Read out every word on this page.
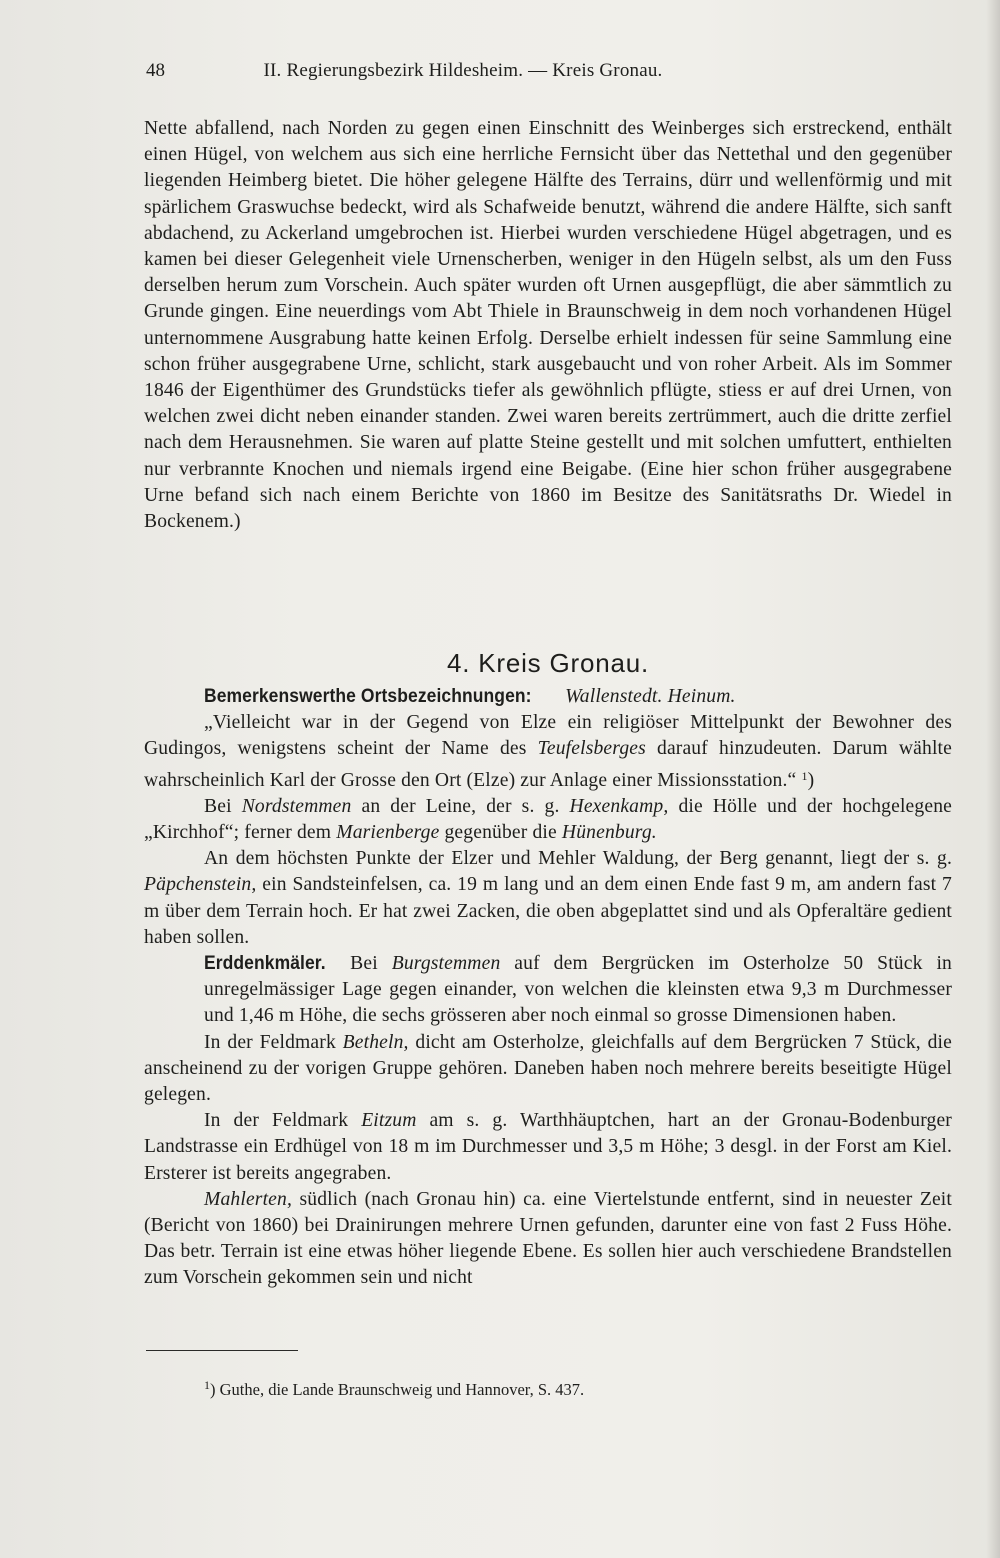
48	II. Regierungsbezirk Hildesheim. — Kreis Gronau.

Nette abfallend, nach Norden zu gegen einen Einschnitt des Weinberges sich erstreckend, enthält einen Hügel, von welchem aus sich eine herrliche Fernsicht über das Nettethal und den gegenüber liegenden Heimberg bietet. Die höher gelegene Hälfte des Terrains, dürr und wellenförmig und mit spärlichem Graswuchse bedeckt, wird als Schafweide benutzt, während die andere Hälfte, sich sanft abdachend, zu Ackerland umgebrochen ist. Hierbei wurden verschiedene Hügel abgetragen, und es kamen bei dieser Gelegenheit viele Urnenscherben, weniger in den Hügeln selbst, als um den Fuss derselben herum zum Vorschein. Auch später wurden oft Urnen ausgepflügt, die aber sämmtlich zu Grunde gingen. Eine neuerdings vom Abt Thiele in Braunschweig in dem noch vorhandenen Hügel unternommene Ausgrabung hatte keinen Erfolg. Derselbe erhielt indessen für seine Sammlung eine schon früher ausgegrabene Urne, schlicht, stark ausgebaucht und von roher Arbeit. Als im Sommer 1846 der Eigenthümer des Grundstücks tiefer als gewöhnlich pflügte, stiess er auf drei Urnen, von welchen zwei dicht neben einander standen. Zwei waren bereits zertrümmert, auch die dritte zerfiel nach dem Herausnehmen. Sie waren auf platte Steine gestellt und mit solchen umfuttert, enthielten nur verbrannte Knochen und niemals irgend eine Beigabe. (Eine hier schon früher ausgegrabene Urne befand sich nach einem Berichte von 1860 im Besitze des Sanitätsraths Dr. Wiedel in Bockenem.)

4. Kreis Gronau.

Bemerkenswerthe Ortsbezeichnungen: Wallenstedt. Heinum.

„Vielleicht war in der Gegend von Elze ein religiöser Mittelpunkt der Bewohner des Gudingos, wenigstens scheint der Name des Teufelsberges darauf hinzudeuten. Darum wählte wahrscheinlich Karl der Grosse den Ort (Elze) zur Anlage einer Missionsstation.“ $^1$)

Bei Nordstemmen an der Leine, der s. g. Hexenkamp, die Hölle und der hochgelegene „Kirchhof“; ferner dem Marienberge gegenüber die Hünenburg.

An dem höchsten Punkte der Elzer und Mehler Waldung, der Berg genannt, liegt der s. g. Päpchenstein, ein Sandsteinfelsen, ca. 19 m lang und an dem einen Ende fast 9 m, am andern fast 7 m über dem Terrain hoch. Er hat zwei Zacken, die oben abgeplattet sind und als Opferaltäre gedient haben sollen.

Erddenkmäler. Bei Burgstemmen auf dem Bergrücken im Osterholze 50 Stück in unregelmässiger Lage gegen einander, von welchen die kleinsten etwa 9,3 m Durchmesser und 1,46 m Höhe, die sechs grösseren aber noch einmal so grosse Dimensionen haben.

In der Feldmark Betheln, dicht am Osterholze, gleichfalls auf dem Bergrücken 7 Stück, die anscheinend zu der vorigen Gruppe gehören. Daneben haben noch mehrere bereits beseitigte Hügel gelegen.

In der Feldmark Eitzum am s. g. Warthhäuptchen, hart an der Gronau-Bodenburger Landstrasse ein Erdhügel von 18 m im Durchmesser und 3,5 m Höhe; 3 desgl. in der Forst am Kiel. Ersterer ist bereits angegraben.

Mahlerten, südlich (nach Gronau hin) ca. eine Viertelstunde entfernt, sind in neuester Zeit (Bericht von 1860) bei Drainirungen mehrere Urnen gefunden, darunter eine von fast 2 Fuss Höhe. Das betr. Terrain ist eine etwas höher liegende Ebene. Es sollen hier auch verschiedene Brandstellen zum Vorschein gekommen sein und nicht

$^1$) Guthe, die Lande Braunschweig und Hannover, S. 437.
